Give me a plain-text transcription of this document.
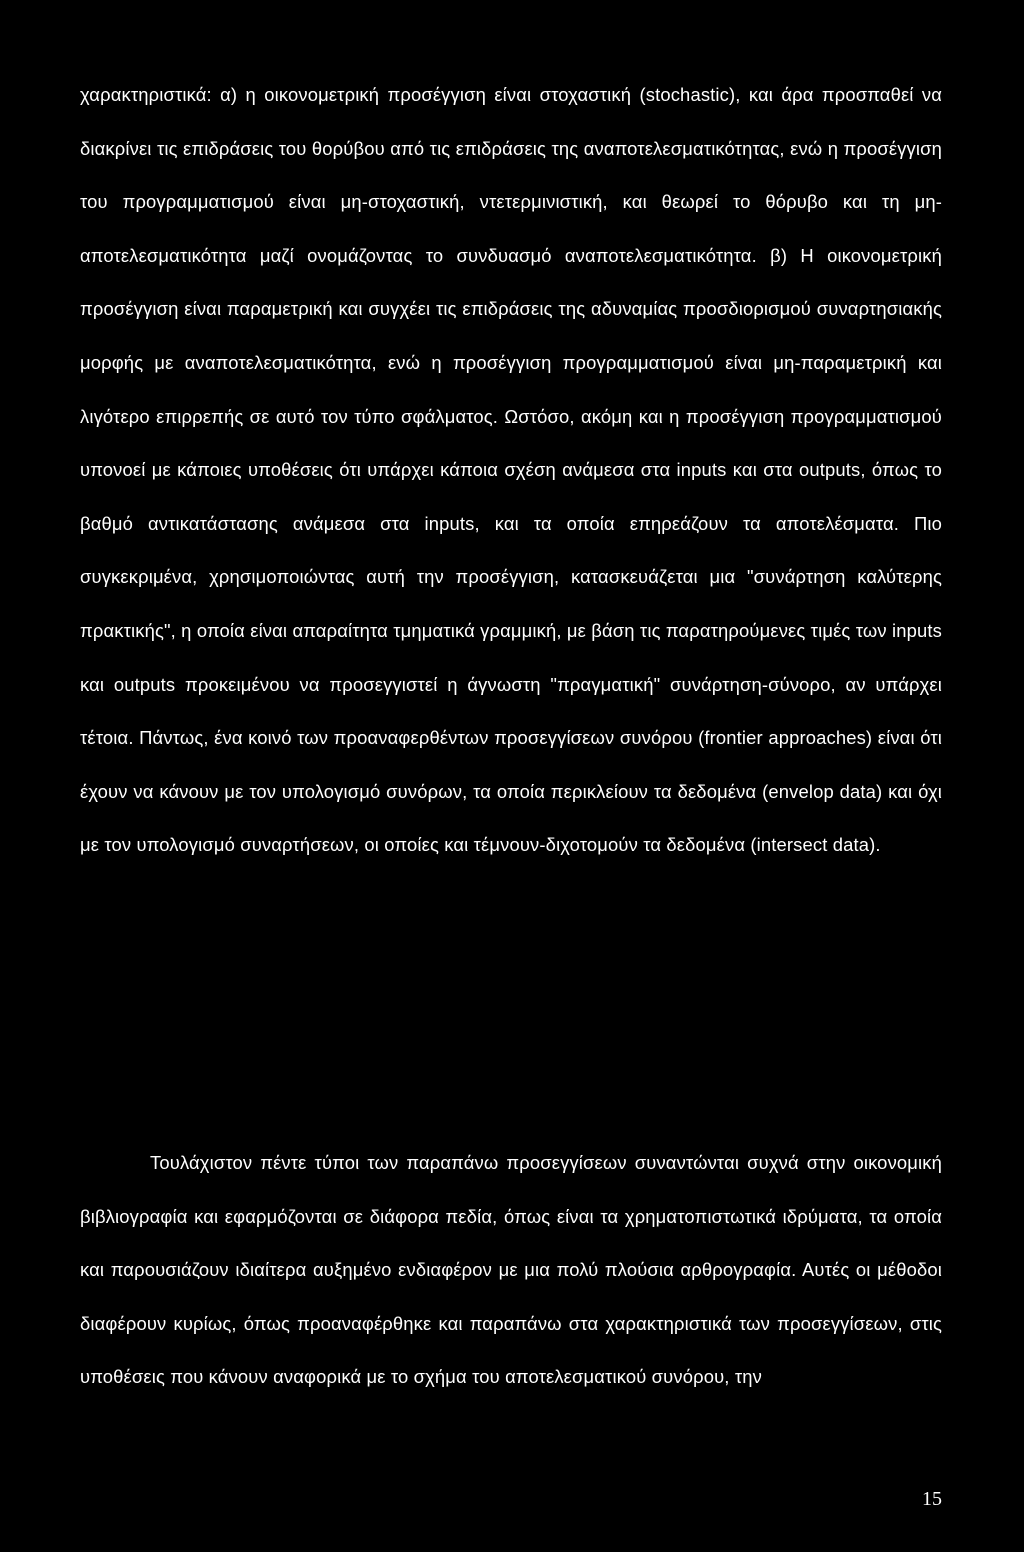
χαρακτηριστικά: α) η οικονομετρική προσέγγιση είναι στοχαστική (stochastic), και άρα προσπαθεί να διακρίνει τις επιδράσεις του θορύβου από τις επιδράσεις της αναποτελεσματικότητας, ενώ η προσέγγιση του προγραμματισμού είναι μη-στοχαστική, ντετερμινιστική, και θεωρεί το θόρυβο και τη μη-αποτελεσματικότητα μαζί ονομάζοντας το συνδυασμό αναποτελεσματικότητα. β) Η οικονομετρική προσέγγιση είναι παραμετρική και συγχέει τις επιδράσεις της αδυναμίας προσδιορισμού συναρτησιακής μορφής με αναποτελεσματικότητα, ενώ η προσέγγιση προγραμματισμού είναι μη-παραμετρική και λιγότερο επιρρεπής σε αυτό τον τύπο σφάλματος. Ωστόσο, ακόμη και η προσέγγιση προγραμματισμού υπονοεί με κάποιες υποθέσεις ότι υπάρχει κάποια σχέση ανάμεσα στα inputs και στα outputs, όπως το βαθμό αντικατάστασης ανάμεσα στα inputs, και τα οποία επηρεάζουν τα αποτελέσματα. Πιο συγκεκριμένα, χρησιμοποιώντας αυτή την προσέγγιση, κατασκευάζεται μια "συνάρτηση καλύτερης πρακτικής", η οποία είναι απαραίτητα τμηματικά γραμμική, με βάση τις παρατηρούμενες τιμές των inputs και outputs προκειμένου να προσεγγιστεί η άγνωστη "πραγματική" συνάρτηση-σύνορο, αν υπάρχει τέτοια. Πάντως, ένα κοινό των προαναφερθέντων προσεγγίσεων συνόρου (frontier approaches) είναι ότι έχουν να κάνουν με τον υπολογισμό συνόρων, τα οποία περικλείουν τα δεδομένα (envelop data) και όχι με τον υπολογισμό συναρτήσεων, οι οποίες και τέμνουν-διχοτομούν τα δεδομένα (intersect data).

Τουλάχιστον πέντε τύποι των παραπάνω προσεγγίσεων συναντώνται συχνά στην οικονομική βιβλιογραφία και εφαρμόζονται σε διάφορα πεδία, όπως είναι τα χρηματοπιστωτικά ιδρύματα, τα οποία και παρουσιάζουν ιδιαίτερα αυξημένο ενδιαφέρον με μια πολύ πλούσια αρθρογραφία. Αυτές οι μέθοδοι διαφέρουν κυρίως, όπως προαναφέρθηκε και παραπάνω στα χαρακτηριστικά των προσεγγίσεων, στις υποθέσεις που κάνουν αναφορικά με το σχήμα του αποτελεσματικού συνόρου, την

15
